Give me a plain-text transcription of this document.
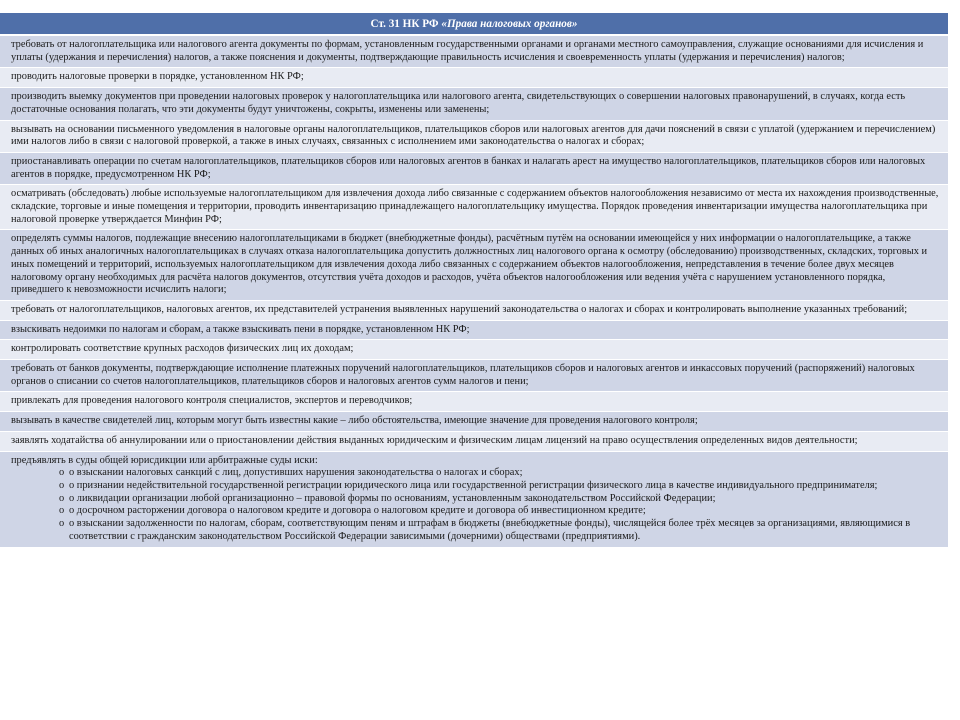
Ст. 31 НК РФ «Права налоговых органов»
требовать от налогоплательщика или налогового агента документы по формам, установленным государственными органами и органами местного самоуправления, служащие основаниями для исчисления и уплаты (удержания и перечисления) налогов, а также пояснения и документы, подтверждающие правильность исчисления и своевременность уплаты (удержания и перечисления) налогов;
проводить налоговые проверки в порядке, установленном НК РФ;
производить выемку документов при проведении налоговых проверок у налогоплательщика или налогового агента, свидетельствующих о совершении налоговых правонарушений, в случаях, когда есть достаточные основания полагать, что эти документы будут уничтожены, сокрыты, изменены или заменены;
вызывать на основании письменного уведомления в налоговые органы налогоплательщиков, плательщиков сборов или налоговых агентов для дачи пояснений в связи с уплатой (удержанием и перечислением) ими налогов либо в связи с налоговой проверкой, а также в иных случаях, связанных с исполнением ими законодательства о налогах и сборах;
приостанавливать операции по счетам налогоплательщиков, плательщиков сборов или налоговых агентов в банках и налагать арест на имущество налогоплательщиков, плательщиков сборов или налоговых агентов в порядке, предусмотренном НК РФ;
осматривать (обследовать) любые используемые налогоплательщиком для извлечения дохода либо связанные с содержанием объектов налогообложения независимо от места их нахождения производственные, складские, торговые и иные помещения и территории, проводить инвентаризацию принадлежащего налогоплательщику имущества. Порядок проведения инвентаризации имущества налогоплательщика при налоговой проверке утверждается Минфин РФ;
определять суммы налогов, подлежащие внесению налогоплательщиками в бюджет (внебюджетные фонды), расчётным путём на основании имеющейся у них информации о налогоплательщике, а также данных об иных аналогичных налогоплательщиках в случаях отказа налогоплательщика допустить должностных лиц налогового органа к осмотру (обследованию) производственных, складских, торговых и иных помещений и территорий, используемых налогоплательщиком для извлечения дохода либо связанных с содержанием объектов налогообложения, непредставления в течение более двух месяцев налоговому органу необходимых для расчёта налогов документов, отсутствия учёта доходов и расходов, учёта объектов налогообложения или ведения учёта с нарушением установленного порядка, приведшего к невозможности исчислить налоги;
требовать от налогоплательщиков, налоговых агентов, их представителей устранения выявленных нарушений законодательства о налогах и сборах и контролировать выполнение указанных требований;
взыскивать недоимки по налогам и сборам, а также взыскивать пени в порядке, установленном НК РФ;
контролировать соответствие крупных расходов физических лиц их доходам;
требовать от банков документы, подтверждающие исполнение платежных поручений налогоплательщиков, плательщиков сборов и налоговых агентов и инкассовых поручений (распоряжений) налоговых органов о списании со счетов налогоплательщиков, плательщиков сборов и налоговых агентов сумм налогов и пени;
привлекать для проведения налогового контроля специалистов, экспертов и переводчиков;
вызывать в качестве свидетелей лиц, которым могут быть известны какие – либо обстоятельства, имеющие значение для проведения налогового контроля;
заявлять ходатайства об аннулировании или о приостановлении действия выданных юридическим и физическим лицам лицензий на право осуществления определенных видов деятельности;

предъявлять в суды общей юрисдикции или арбитражные суды иски:
o о взыскании налоговых санкций с лиц, допустивших нарушения законодательства о налогах и сборах;
o о признании недействительной государственной регистрации юридического лица или государственной регистрации физического лица в качестве индивидуального предпринимателя;
o о ликвидации организации любой организационно – правовой формы по основаниям, установленным законодательством Российской Федерации;
o о досрочном расторжении договора о налоговом кредите и договора о налоговом кредите и договора об инвестиционном кредите;
o о взыскании задолженности по налогам, сборам, соответствующим пеням и штрафам в бюджеты (внебюджетные фонды), числящейся более трёх месяцев за организациями, являющимися в соответствии с гражданским законодательством Российской Федерации зависимыми (дочерними) обществами (предприятиями).
